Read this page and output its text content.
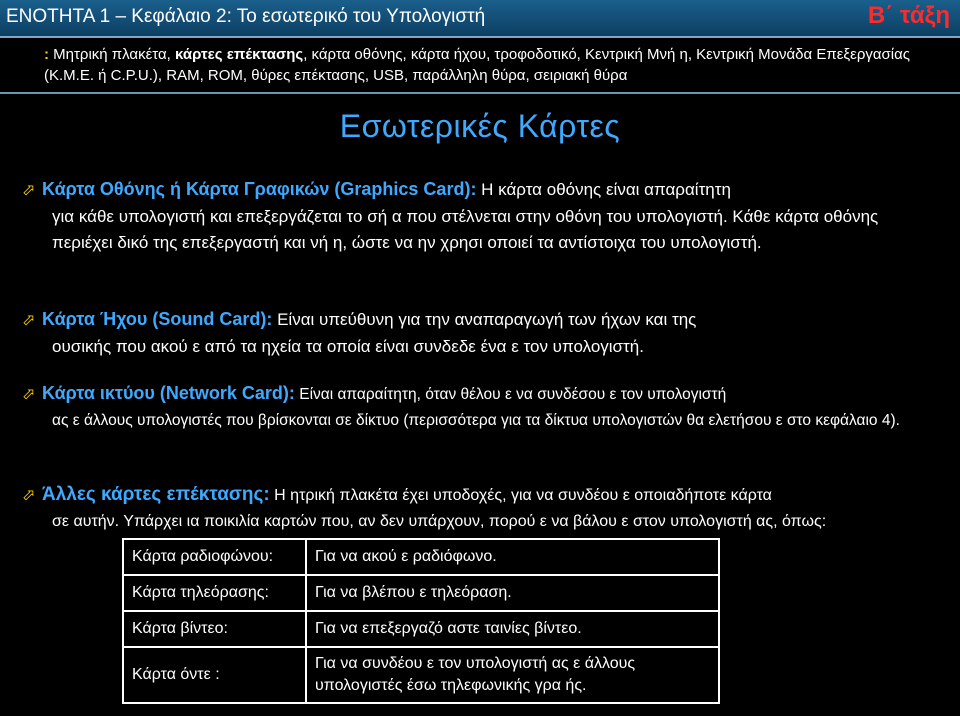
ΕΝΟΤΗΤΑ 1 – Κεφάλαιο 2: Το εσωτερικό του Υπολογιστή	Β΄ τάξη
: Μητρική πλακέτα, κάρτες επέκτασης, κάρτα οθόνης, κάρτα ήχου, τροφοδοτικό, Κεντρική Μνή η, Κεντρική Μονάδα Επεξεργασίας (Κ.Μ.Ε. ή C.P.U.), RAM, ROM, θύρες επέκτασης, USB, παράλληλη θύρα, σειριακή θύρα
Εσωτερικές Κάρτες
⬀ Κάρτα Οθόνης ή Κάρτα Γραφικών (Graphics Card): Η κάρτα οθόνης είναι απαραίτητη
για κάθε υπολογιστή και επεξεργάζεται το σή α που στέλνεται στην οθόνη του υπολογιστή. Κάθε κάρτα οθόνης περιέχει δικό της επεξεργαστή και νή η, ώστε να ην χρησι οποιεί τα αντίστοιχα του υπολογιστή.
⬀ Κάρτα Ήχου (Sound Card): Είναι υπεύθυνη για την αναπαραγωγή των ήχων και της
ουσικής που ακού ε από τα ηχεία τα οποία είναι συνδεδε ένα ε τον υπολογιστή.
⬀ Κάρτα ικτύου (Network Card): Είναι απαραίτητη, όταν θέλου ε να συνδέσου ε τον υπολογιστή
ας ε άλλους υπολογιστές που βρίσκονται σε δίκτυο (περισσότερα για τα δίκτυα υπολογιστών θα ελετήσου ε στο κεφάλαιο 4).
⬀ Άλλες κάρτες επέκτασης: Η ητρική πλακέτα έχει υποδοχές, για να συνδέου ε οποιαδήποτε κάρτα
σε αυτήν. Υπάρχει ια ποικιλία καρτών που, αν δεν υπάρχουν, πορού ε να βάλου ε στον υπολογιστή ας, όπως:
Κάρτα ραδιοφώνου:	Για να ακού ε ραδιόφωνο.
Κάρτα τηλεόρασης:	Για να βλέπου ε τηλεόραση.
Κάρτα βίντεο:	Για να επεξεργαζό αστε ταινίες βίντεο.
Κάρτα όντε :	Για να συνδέου ε τον υπολογιστή ας ε άλλους υπολογιστές έσω τηλεφωνικής γρα ής.
